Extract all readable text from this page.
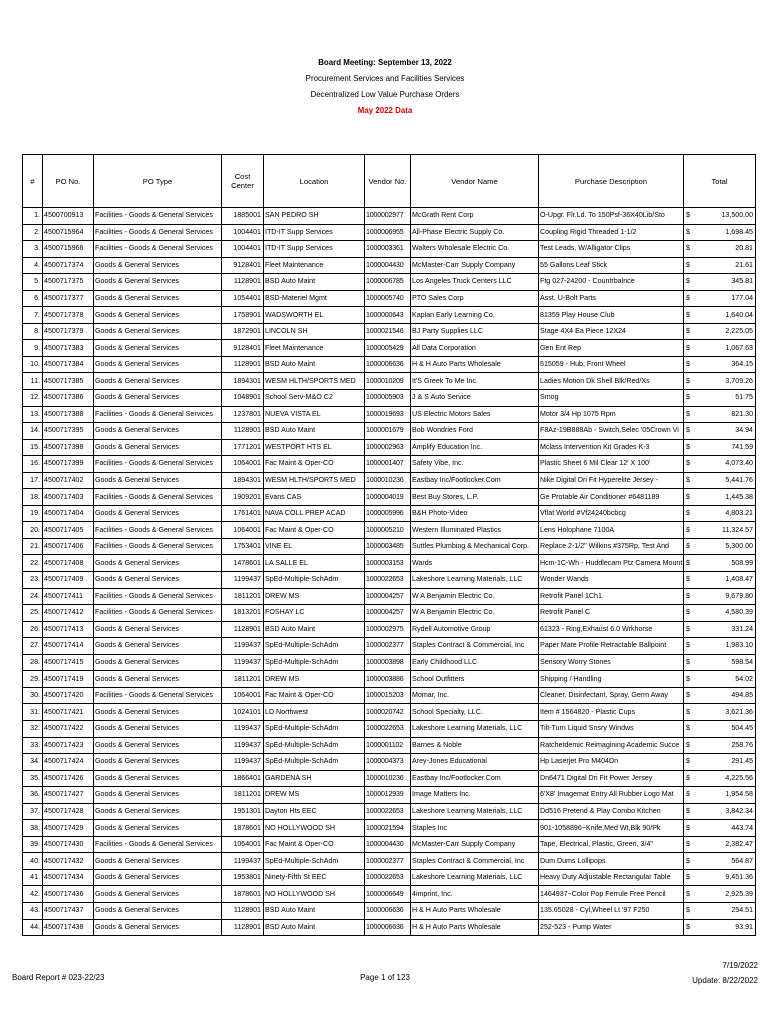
Board Meeting: September 13, 2022
Procurement Services and Facilities Services
Decentralized Low Value Purchase Orders
May 2022 Data
#	PO No.	PO Type	Cost Center	Location	Vendor No.	Vendor Name	Purchase Description	Total	
1.	4500700913	Facilities - Goods & General Services	1885001	SAN PEDRO SH	1000002977	McGrath Rent Corp	O-Upgr. Flr.Ld. To 150Psf-36X40Lib/Sto	$	13,500.00
2.	4500715964	Facilities - Goods & General Services	1004401	ITD-IT Supp Services	1000006955	All-Phase Electric Supply Co.	Coupling Rigid Threaded 1-1/2	$	1,698.45
3.	4500715966	Facilities - Goods & General Services	1004401	ITD-IT Supp Services	1000003361	Walters Wholesale Electric Co.	Test Leads, W/Alligator Clips	$	20.81
4.	4500717374	Goods & General Services	9128401	Fleet Maintenance	1000004430	McMaster-Carr Supply Company	55 Gallons Leaf Stick	$	21.61
5.	4500717375	Goods & General Services	1128901	BSD Auto Maint	1000006785	Los Angeles Truck Centers LLC	Ftg 027-24200 - Countrbalnce	$	345.81
6.	4500717377	Goods & General Services	1054401	BSD-Materiel Mgmt	1000005740	PTO Sales Corp	Asst. U-Bolt Parts	$	177.04
7.	4500717378	Goods & General Services	1758901	WADSWORTH EL	1000000643	Kaplan Early Learning Co.	81359 Play House Club	$	1,640.04
8.	4500717379	Goods & General Services	1872901	LINCOLN SH	1000021546	BJ Party Supplies LLC	Stage 4X4 Ea Piece 12X24	$	2,225.05
9.	4500717383	Goods & General Services	9128401	Fleet Maintenance	1000005429	All Data Corporation	Gen Ent Rep	$	1,067.63
10.	4500717384	Goods & General Services	1128901	BSD Auto Maint	1000006636	H & H Auto Parts Wholesale	515059 - Hub, Front Wheel	$	364.15
11.	4500717385	Goods & General Services	1894301	WESM HLTH/SPORTS MED	1000010209	It'S Greek To Me Inc.	Ladies Motion Dk Shell Blk/Red/Xs	$	3,709.26
12.	4500717386	Goods & General Services	1048901	School Serv-M&O C2	1000005903	J & S Auto Service	Smog	$	51.75
13.	4500717388	Facilities - Goods & General Services	1237801	NUEVA VISTA EL	1000019693	US Electric Motors Sales	Motor 3/4 Hp 1075 Rpm	$	821.30
14.	4500717395	Goods & General Services	1128901	BSD Auto Maint	1000001679	Bob Wondries Ford	F8Az-19B888Ab - Switch,Selec '05Crown Vi	$	34.94
15.	4500717398	Goods & General Services	1771201	WESTPORT HTS EL	1000002963	Amplify Education Inc.	Mclass Intervention Kit Grades K-3	$	741.59
16.	4500717399	Facilities - Goods & General Services	1064001	Fac Maint & Oper-CO	1000001407	Safety Vibe, Inc.	Plastic Sheet 6 Mil Clear 12' X 100'	$	4,073.40
17.	4500717402	Goods & General Services	1894301	WESM HLTH/SPORTS MED	1000010236	Eastbay Inc/Footlocker.Com	Nike Digital Dri Fit Hyperelite Jersey -	$	5,441.76
18.	4500717403	Facilities - Goods & General Services	1909201	Evans CAS	1000004019	Best Buy Stores, L.P.	Ge Protable Air Conditioner #6481189	$	1,445.38
19.	4500717404	Goods & General Services	1761401	NAVA COLL PREP ACAD	1000005996	B&H Photo-Video	Vflat World #Vf24240bcbcg	$	4,803.21
20.	4500717405	Facilities - Goods & General Services	1064001	Fac Maint & Oper-CO	1000005210	Western Illuminated Plastics	Lens Holophane 7100A	$	11,324.57
21.	4500717406	Facilities - Goods & General Services	1753401	VINE EL	1000003485	Suttles Plumbing & Mechanical Corp.	Replace 2-1/2" Wilkins #375Rp, Test And	$	5,300.00
22.	4500717408	Goods & General Services	1478601	LA SALLE EL	1000003153	Wards	Hcm-1C-Wh - Huddlecam Ptz Camera Mount	$	508.99
23.	4500717409	Goods & General Services	1199437	SpEd-Multiple-SchAdm	1000022653	Lakeshore Learning Materials, LLC	Wonder Wands	$	1,408.47
24.	4500717411	Facilities - Goods & General Services	1811201	DREW MS	1000004257	W A Benjamin Electric Co.	Retrofit Panel 1Ch1	$	9,679.80
25.	4500717412	Facilities - Goods & General Services	1813201	FOSHAY LC	1000004257	W A Benjamin Electric Co.	Retrofit Panel C	$	4,580.39
26.	4500717413	Goods & General Services	1128901	BSD Auto Maint	1000002975	Rydell Automotive Group	61323 - Ring,Exhaust 6.0 Wrkhorse	$	331.24
27.	4500717414	Goods & General Services	1199437	SpEd-Multiple-SchAdm	1000002377	Staples Contract & Commercial, Inc	Paper Mate Profile Retractable Ballpoint	$	1,983.10
28.	4500717415	Goods & General Services	1199437	SpEd-Multiple-SchAdm	1000003898	Early Childhood LLC	Sensory Worry Stones	$	598.54
29.	4500717419	Goods & General Services	1811201	DREW MS	1000003886	School Outfitters	Shipping / Handling	$	54.02
30.	4500717420	Facilities - Goods & General Services	1064001	Fac Maint & Oper-CO	1000015203	Momar, Inc.	Cleaner, Disinfectant, Spray, Germ Away	$	494.85
31.	4500717421	Goods & General Services	1024101	LD Northwest	1000020742	School Specialty, LLC.	Item # 1564820 - Plastic Cups	$	3,621.36
32.	4500717422	Goods & General Services	1199437	SpEd-Multiple-SchAdm	1000022653	Lakeshore Learning Materials, LLC	Tilt-Turn Liquid Snsry Windws	$	504.45
33.	4500717423	Goods & General Services	1199437	SpEd-Multiple-SchAdm	1000001102	Barnes & Noble	Ratchetdemic Reimagining Academic Succe	$	258.76
34.	4500717424	Goods & General Services	1199437	SpEd-Multiple-SchAdm	1000004373	Arey-Jones Educational	Hp Laserjet Pro M404Dn	$	291.45
35.	4500717426	Goods & General Services	1866401	GARDENA SH	1000010236	Eastbay Inc/Footlocker.Com	Dn6471 Digital Dri Fit Power Jersey	$	4,225.56
36.	4500717427	Goods & General Services	1811201	DREW MS	1000012939	Image Matters Inc.	6'X8' Imagemat Entry All Rubber Logo Mat	$	1,954.58
37.	4500717428	Goods & General Services	1951301	Dayton Hts EEC	1000022653	Lakeshore Learning Materials, LLC	Dd516 Pretend & Play Combo Kitchen	$	3,842.34
38.	4500717429	Goods & General Services	1878601	NO HOLLYWOOD SH	1000021594	Staples Inc	901-1058896~Knife,Med Wt,Blk 90/Pk	$	443.74
39.	4500717430	Facilities - Goods & General Services	1064001	Fac Maint & Oper-CO	1000004430	McMaster-Carr Supply Company	Tape, Electrical, Plastic, Green, 3/4"	$	2,382.47
40.	4500717432	Goods & General Services	1199437	SpEd-Multiple-SchAdm	1000002377	Staples Contract & Commercial, Inc	Dum Dums Lollipops	$	564.87
41.	4500717434	Goods & General Services	1953801	Ninety-Fifth St EEC	1000022653	Lakeshore Learning Materials, LLC	Heavy Duty Adjustable Rectangular Table	$	9,451.36
42.	4500717436	Goods & General Services	1878601	NO HOLLYWOOD SH	1000006649	4imprint, Inc.	1464937~Color Pop Ferrule Free Pencil	$	2,925.39
43.	4500717437	Goods & General Services	1128901	BSD Auto Maint	1000006636	H & H Auto Parts Wholesale	135.65028 - Cyl,Wheel Lt '97 F250	$	254.51
44.	4500717438	Goods & General Services	1128901	BSD Auto Maint	1000006636	H & H Auto Parts Wholesale	252-523 - Pump Water	$	93.91
Board Report # 023-22/23	Page 1 of 123
7/19/2022
Update: 8/22/2022
